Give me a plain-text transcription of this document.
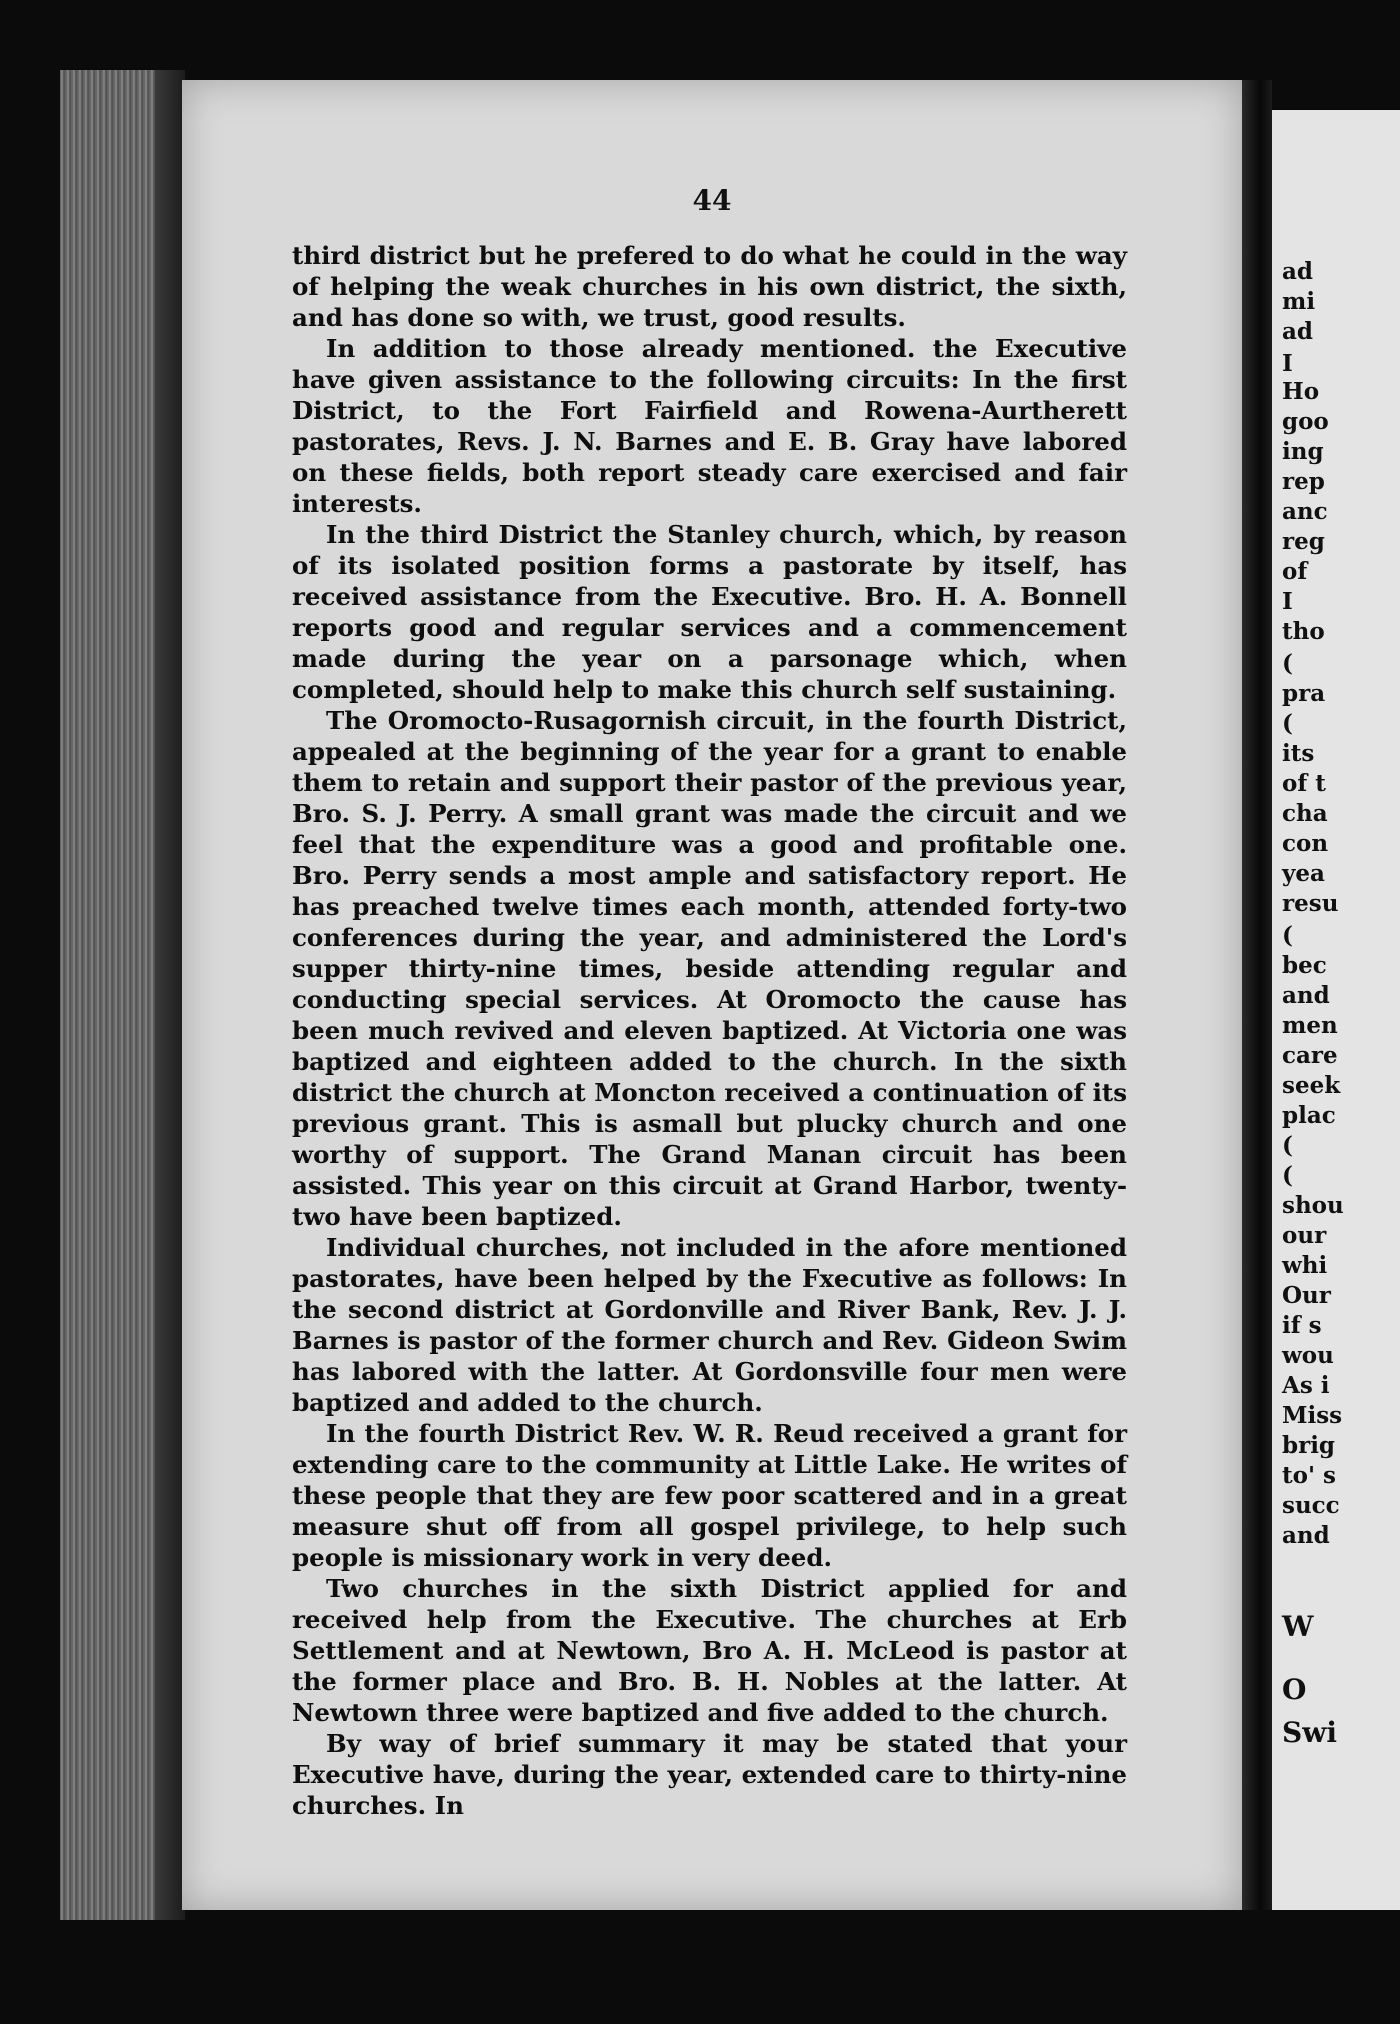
44

third district but he prefered to do what he could in the way of helping the weak churches in his own district, the sixth, and has done so with, we trust, good results.

In addition to those already mentioned. the Executive have given assistance to the following circuits: In the first District, to the Fort Fairfield and Rowena-Aurtherett pastorates, Revs. J. N. Barnes and E. B. Gray have labored on these fields, both report steady care exercised and fair interests.

In the third District the Stanley church, which, by reason of its isolated position forms a pastorate by itself, has received assistance from the Executive. Bro. H. A. Bonnell reports good and regular services and a commencement made during the year on a parsonage which, when completed, should help to make this church self sustaining.

The Oromocto-Rusagornish circuit, in the fourth District, appealed at the beginning of the year for a grant to enable them to retain and support their pastor of the previous year, Bro. S. J. Perry. A small grant was made the circuit and we feel that the expenditure was a good and profitable one. Bro. Perry sends a most ample and satisfactory report. He has preached twelve times each month, attended forty-two conferences during the year, and administered the Lord's supper thirty-nine times, beside attending regular and conducting special services. At Oromocto the cause has been much revived and eleven baptized. At Victoria one was baptized and eighteen added to the church. In the sixth district the church at Moncton received a continuation of its previous grant. This is asmall but plucky church and one worthy of support. The Grand Manan circuit has been assisted. This year on this circuit at Grand Harbor, twenty-two have been baptized.

Individual churches, not included in the afore mentioned pastorates, have been helped by the Fxecutive as follows: In the second district at Gordonville and River Bank, Rev. J. J. Barnes is pastor of the former church and Rev. Gideon Swim has labored with the latter. At Gordonsville four men were baptized and added to the church.

In the fourth District Rev. W. R. Reud received a grant for extending care to the community at Little Lake. He writes of these people that they are few poor scattered and in a great measure shut off from all gospel privilege, to help such people is missionary work in very deed.

Two churches in the sixth District applied for and received help from the Executive. The churches at Erb Settlement and at Newtown, Bro A. H. McLeod is pastor at the former place and Bro. B. H. Nobles at the latter. At Newtown three were baptized and five added to the church.

By way of brief summary it may be stated that your Executive have, during the year, extended care to thirty-nine churches. In

ad
mi
ad
I
Ho
goo
ing
rep
anc
reg
of
I
tho
(
pra
(
its
of t
cha
con
yea
resu
(
bec
and
men
care
seek
plac
(
(
shou
our
whi
Our
if s
wou
As i
Miss
brig
to' s
succ
and
W
O
Swi
